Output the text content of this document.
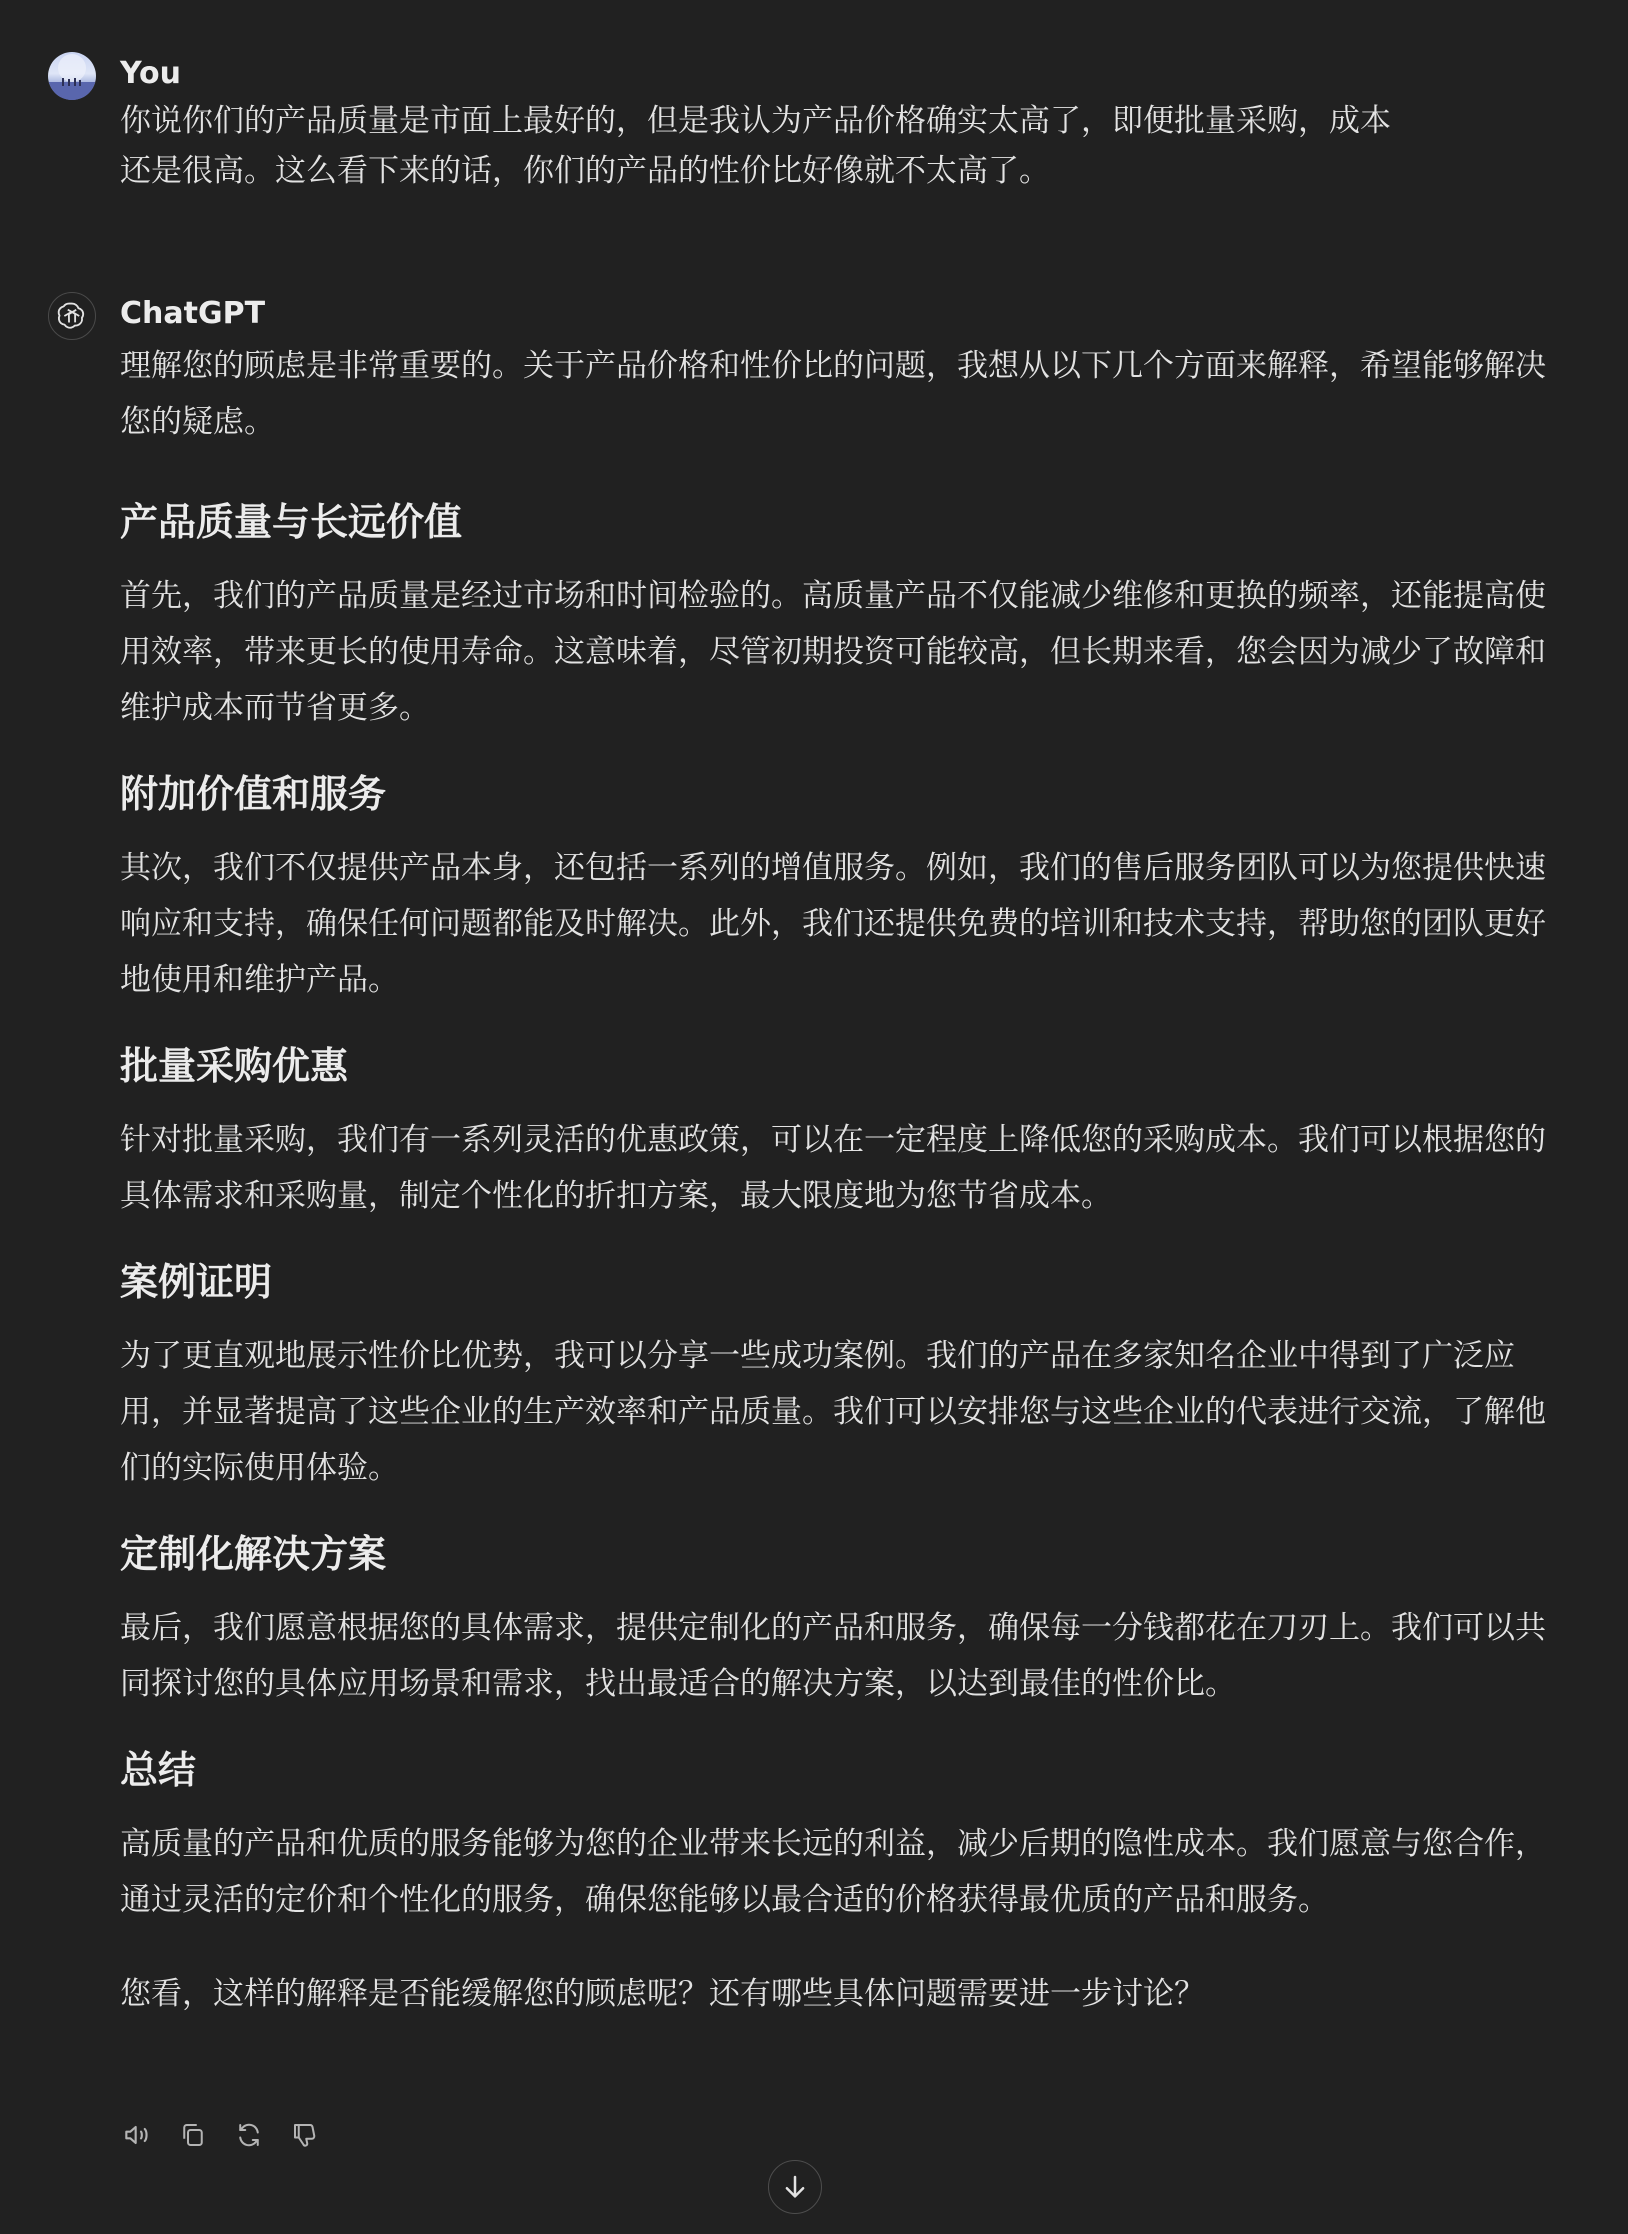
You
你说你们的产品质量是市面上最好的，但是我认为产品价格确实太高了，即便批量采购，成本
还是很高。这么看下来的话，你们的产品的性价比好像就不太高了。
ChatGPT

理解您的顾虑是非常重要的。关于产品价格和性价比的问题，我想从以下几个方面来解释，希望能够解决您的疑虑。

产品质量与长远价值

首先，我们的产品质量是经过市场和时间检验的。高质量产品不仅能减少维修和更换的频率，还能提高使用效率，带来更长的使用寿命。这意味着，尽管初期投资可能较高，但长期来看，您会因为减少了故障和维护成本而节省更多。

附加价值和服务

其次，我们不仅提供产品本身，还包括一系列的增值服务。例如，我们的售后服务团队可以为您提供快速响应和支持，确保任何问题都能及时解决。此外，我们还提供免费的培训和技术支持，帮助您的团队更好地使用和维护产品。

批量采购优惠

针对批量采购，我们有一系列灵活的优惠政策，可以在一定程度上降低您的采购成本。我们可以根据您的具体需求和采购量，制定个性化的折扣方案，最大限度地为您节省成本。

案例证明

为了更直观地展示性价比优势，我可以分享一些成功案例。我们的产品在多家知名企业中得到了广泛应用，并显著提高了这些企业的生产效率和产品质量。我们可以安排您与这些企业的代表进行交流，了解他们的实际使用体验。

定制化解决方案

最后，我们愿意根据您的具体需求，提供定制化的产品和服务，确保每一分钱都花在刀刃上。我们可以共同探讨您的具体应用场景和需求，找出最适合的解决方案，以达到最佳的性价比。

总结

高质量的产品和优质的服务能够为您的企业带来长远的利益，减少后期的隐性成本。我们愿意与您合作，通过灵活的定价和个性化的服务，确保您能够以最合适的价格获得最优质的产品和服务。

您看，这样的解释是否能缓解您的顾虑呢？还有哪些具体问题需要进一步讨论？
